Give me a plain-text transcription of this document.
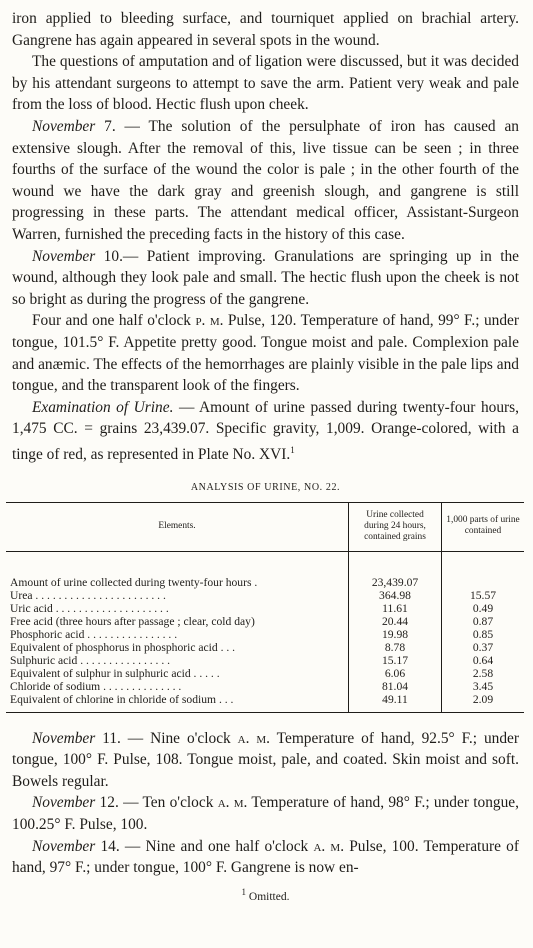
iron applied to bleeding surface, and tourniquet applied on brachial artery. Gangrene has again appeared in several spots in the wound.

The questions of amputation and of ligation were discussed, but it was decided by his attendant surgeons to attempt to save the arm. Patient very weak and pale from the loss of blood. Hectic flush upon cheek.

November 7. — The solution of the persulphate of iron has caused an extensive slough. After the removal of this, live tissue can be seen ; in three fourths of the surface of the wound the color is pale ; in the other fourth of the wound we have the dark gray and greenish slough, and gangrene is still progressing in these parts. The attendant medical officer, Assistant-Surgeon Warren, furnished the preceding facts in the history of this case.

November 10.— Patient improving. Granulations are springing up in the wound, although they look pale and small. The hectic flush upon the cheek is not so bright as during the progress of the gangrene.

Four and one half o'clock p. m. Pulse, 120. Temperature of hand, 99° F.; under tongue, 101.5° F. Appetite pretty good. Tongue moist and pale. Complexion pale and anæmic. The effects of the hemorrhages are plainly visible in the pale lips and tongue, and the transparent look of the fingers.

Examination of Urine. — Amount of urine passed during twenty-four hours, 1,475 CC. = grains 23,439.07. Specific gravity, 1,009. Orange-colored, with a tinge of red, as represented in Plate No. XVI.$^1$

ANALYSIS OF URINE, NO. 22.
Elements.	Urine collected during 24 hours, contained grains	1,000 parts of urine contained

Amount of urine collected during twenty-four hours .	23,439.07	
Urea . . . . . . . . . . . . . . . . . . . . . . .	364.98	15.57
Uric acid . . . . . . . . . . . . . . . . . . . .	11.61	0.49
Free acid (three hours after passage ; clear, cold day)	20.44	0.87
Phosphoric acid . . . . . . . . . . . . . . . .	19.98	0.85
Equivalent of phosphorus in phosphoric acid . . .	8.78	0.37
Sulphuric acid . . . . . . . . . . . . . . . .	15.17	0.64
Equivalent of sulphur in sulphuric acid . . . . .	6.06	2.58
Chloride of sodium . . . . . . . . . . . . . .	81.04	3.45
Equivalent of chlorine in chloride of sodium . . .	49.11	2.09

November 11. — Nine o'clock a. m. Temperature of hand, 92.5° F.; under tongue, 100° F. Pulse, 108. Tongue moist, pale, and coated. Skin moist and soft. Bowels regular.

November 12. — Ten o'clock a. m. Temperature of hand, 98° F.; under tongue, 100.25° F. Pulse, 100.

November 14. — Nine and one half o'clock a. m. Pulse, 100. Temperature of hand, 97° F.; under tongue, 100° F. Gangrene is now en-

$^1$ Omitted.
